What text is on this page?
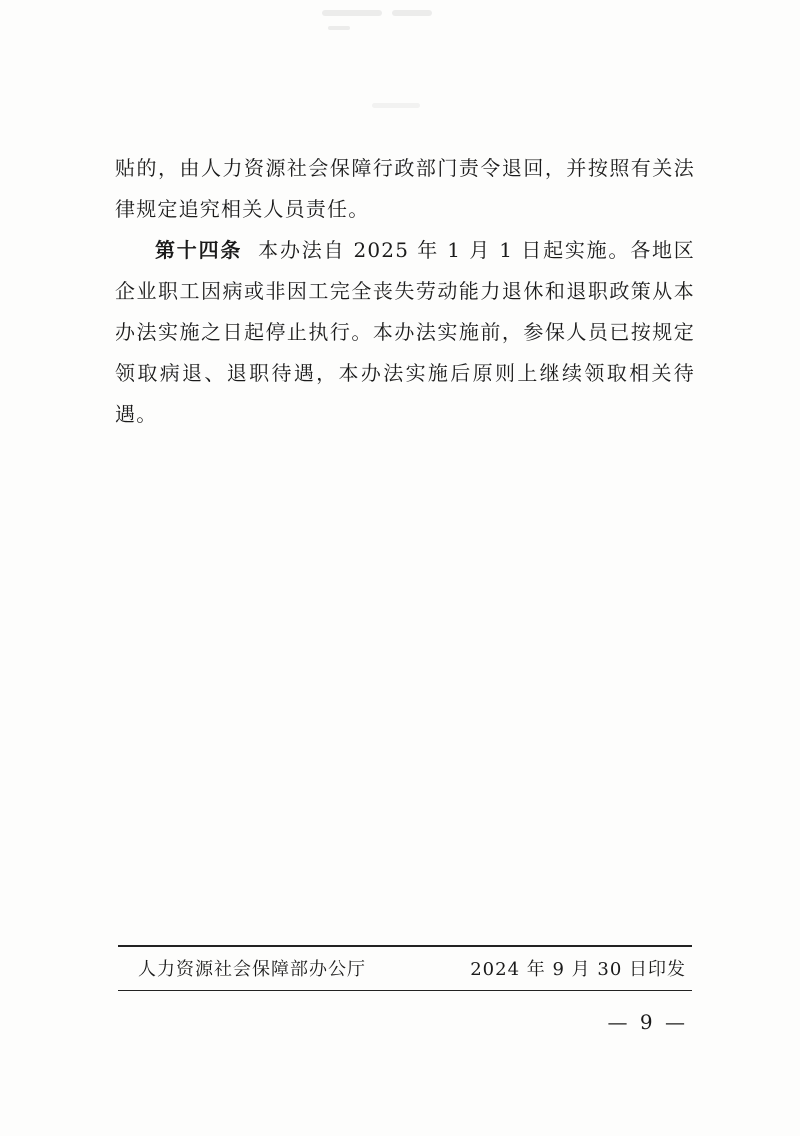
贴的，由人力资源社会保障行政部门责令退回，并按照有关法律规定追究相关人员责任。

第十四条 本办法自 2025 年 1 月 1 日起实施。各地区企业职工因病或非因工完全丧失劳动能力退休和退职政策从本办法实施之日起停止执行。本办法实施前，参保人员已按规定领取病退、退职待遇，本办法实施后原则上继续领取相关待遇。

人力资源社会保障部办公厅	2024 年 9 月 30 日印发
— 9 —
